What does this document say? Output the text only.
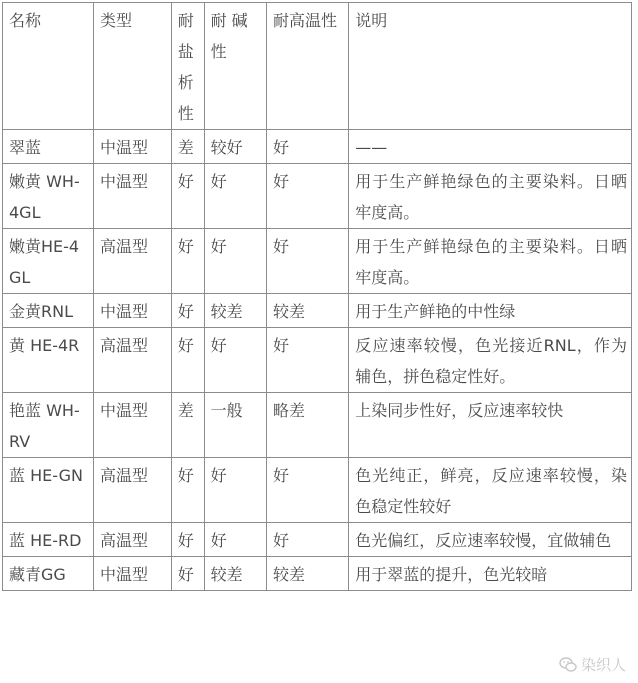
名称	类型	耐盐析性	耐 碱性	耐高温性	说明
翠蓝	中温型	差	较好	好	——
嫩黄 WH-4GL	中温型	好	好	好	用于生产鲜艳绿色的主要染料。日晒牢度高。
嫩黄HE-4GL	高温型	好	好	好	用于生产鲜艳绿色的主要染料。日晒牢度高。
金黄RNL	中温型	好	较差	较差	用于生产鲜艳的中性绿
黄 HE-4R	高温型	好	好	好	反应速率较慢，色光接近RNL，作为辅色，拼色稳定性好。
艳蓝 WH-RV	中温型	差	一般	略差	上染同步性好，反应速率较快
蓝 HE-GN	高温型	好	好	好	色光纯正，鲜亮，反应速率较慢，染色稳定性较好
蓝 HE-RD	高温型	好	好	好	色光偏红，反应速率较慢，宜做辅色
藏青GG	中温型	好	较差	较差	用于翠蓝的提升，色光较暗
染织人
